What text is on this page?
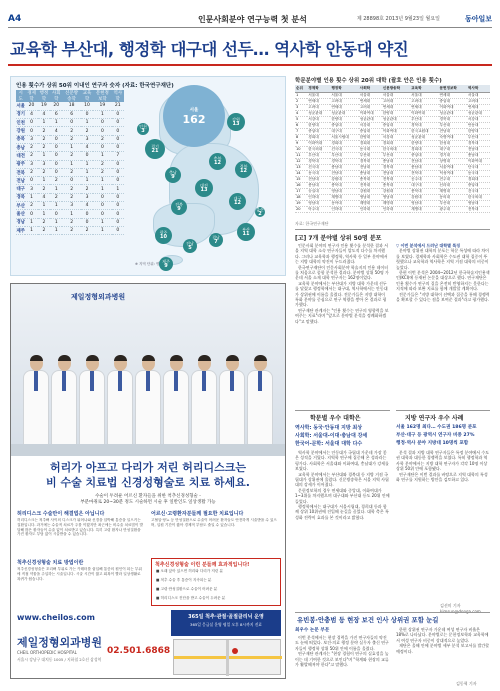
A4	인문사회분야 연구능력 첫 분석	제 28898호 2013년 9월23일 월요일	동아일보
교육학 부산대, 행정학 대구대 선두… 역사학 안동대 약진
인용 횟수가 상위 50위 이내인 연구자 숫자 (자료: 한국연구재단)
시도	경제학	행정학	사회학	신문방송학	교육학	문헌정보학	역사학
서울	20	19	20	18	10	19	21
경기	4	4	6	6	0	1	0
인천	0	1	1	0	1	0	0
강원	0	2	4	2	2	0	0
충북	3	2	0	2	3	2	0
충남	2	2	0	1	4	0	0
대전	2	1	0	2	0	1	7
광주	3	3	0	1	1	2	0
전북	2	2	0	2	1	2	0
전남	0	1	2	0	1	1	0
대구	3	2	1	2	2	1	1
경북	1	4	2	2	3	0	0
부산	2	1	1	3	4	0	0
울산	0	1	0	1	0	0	0
경남	1	2	1	2	0	1	0
제주	1	2	1	2	2	1	0
서울
162
경기
21
강원
13
인천
3
충북
12
충남
9
대전
13
경북
12
대구
12
전북
9	울산
2
광주
10
부산
11
전남
5
경남
7
제주
9
※ 지역 단위: 명
학문분야별 인용 횟수 상위 20위 대학 (괄호 안은 인용 횟수)
순위	경제학	행정학	사회학	신문방송학	교육학	문헌정보학	역사학
1	서울대	서울대	서울대	서울대	서울대	연세대	서울대
2	연세대	고려대	연세대	고려대	고려대	중앙대	고려대
3	고려대	연세대	고려대	연세대	연세대	이화여대	연세대
4	성균관대	성균관대	이화여대	한양대	이화여대	성균관대	성균관대
5	서강대	한양대	성균관대	성균관대	부산대	경북대	서강대
6	한양대	중앙대	서강대	중앙대	경북대	부산대	안동대
7	중앙대	대구대	중앙대	이화여대	한국교원대	전남대	한양대
8	경희대	서울시립대	한양대	서강대	성균관대	숙명여대	부산대
9	이화여대	경희대	경희대	경희대	한양대	한성대	경북대
10	한국외대	건국대	동국대	한국외대	경희대	대구대	전남대
11	부산대	부산대	부산대	부산대	중앙대	경기대	충남대
12	경북대	경북대	경북대	충남대	전남대	상명대	이화여대
13	건국대	충남대	전남대	경북대	충남대	서울여대	단국대
14	동국대	전남대	충남대	전남대	전북대	덕성여대	동국대
15	전남대	강원대	충북대	전북대	공주대	전주대	경희대
16	충남대	충북대	전북대	충북대	대구대	신라대	중앙대
17	숭실대	영남대	강원대	강원대	충북대	계명대	건국대
18	인하대	계명대	영남대	영남대	강원대	동의대	한국외대
19	영남대	동아대	계명대	계명대	영남대	부산대	영남대
20	아주대	인하대	인하대	인하대	계명대	광주대	전북대
자료: 한국연구재단
[고] 7개 분야별 상위 50명 분포

인문사회 분야의 연구자 인용 횟수를 분석한 결과 서울 지역 대학 소속 연구자들이 압도적 다수를 차지했다. 그러나 교육학과 행정학, 역사학 등 일부 분야에서는 지방 대학의 약진이 두드러졌다.

한국연구재단이 인문사회분야 학술지의 인용 데이터를 처음으로 종합 분석한 결과다. 분야별 상위 50명 가운데 서울 소재 대학 연구자는 162명이었다.

교육학 분야에서는 부산대가 지방 대학 가운데 선두를 달렸고 행정학에서는 대구대, 역사학에서는 안동대가 상위권에 이름을 올렸다. 전문가들은 지방 대학이 특화 분야를 중심으로 연구 역량을 쌓아 온 결과로 평가했다.

연구재단 관계자는 "인용 횟수는 연구의 영향력을 보여주는 지표"라며 "앞으로 분야별 분석을 정례화하겠다"고 말했다.

▽ 이번 분석에서 드러난 대학별 특징

분야별 상위권 대학의 분포는 학문 특성에 따라 차이를 보였다. 경제학과 사회학은 수도권 대학 집중이 뚜렷했으나 교육학과 역사학은 지역 거점 대학의 비중이 높았다.

한편 이번 분석은 2004~2012년 한국학술지인용색인(KCI)에 등재된 논문을 대상으로 했다. 연구재단은 인용 횟수가 연구의 질을 온전히 반영하지는 못한다는 지적에 따라 보완 지표를 함께 개발할 계획이다.

전문가들은 "지방 대학이 선택과 집중을 통해 경쟁력을 확보할 수 있다는 점을 보여준 결과"라고 평가했다.

학문별 우수 대학은
역사학: 동국·안동대 지방 최상
사회학: 서울대-이대·충남대 강세
한국어-문학: 서울대 대학 다수

역사학 분야에서는 안동대가 국립대 가운데 가장 좋은 성적을 거뒀다. 지역학 연구에 집중해 온 성과라는 평가다. 사회학은 서울대와 이화여대, 충남대가 강세를 보였다.

교육학 분야에서는 부산대와 경북대 등 지방 거점 국립대가 상위권에 올랐다. 신문방송학은 서울 지역 사립대의 강세가 이어졌다.

문헌정보학의 경우 연세대와 중앙대, 이화여대가 1~3위를 차지했으며 대구대와 부산대 등도 20위 안에 들었다.

행정학에서는 대구대가 서울시립대, 경희대 등과 함께 상위 10위권에 진입해 눈길을 끌었다. 대학 측은 특성화 전략이 효과를 본 것이라고 밝혔다.

지방 연구자 우수 사례
서울 162명 최다… 수도권 186명 분포
부산·대구 등 광역시 연구자 비중 27%
행정·역사 분야 지방대 10명씩 포함

분석 결과 지방 대학 연구자들은 특정 분야에서 수도권 대학과 대등한 경쟁력을 보였다. 특히 행정학과 역사학 분야에서는 지방 대학 연구자가 각각 10명 이상 상위 50위 안에 포함됐다.

연구재단은 이번 결과를 바탕으로 지역 대학의 특성화 연구를 지원하는 방안을 검토하고 있다.

김선미 기자
유빈봉·안충범 등 현장 보건 인사 상위권 포함 눈길
최우수 논문 부문

이번 분석에서는 현장 경력을 가진 연구자들의 약진도 눈에 띄었다. 보건·의료 행정 분야 실무자 출신 연구자들이 행정학 상위 50위 안에 이름을 올렸다.

연구재단 관계자는 "현장 경험이 연구의 실효성을 높이는 데 기여한 것으로 보인다"며 "학계와 현장의 교류가 활발해져야 한다"고 말했다.

한편 상위권 연구자 가운데 여성 연구자 비율은 18%로 나타났다. 분야별로는 문헌정보학과 교육학에서 여성 연구자 비중이 상대적으로 높았다.

재단은 올해 안에 분야별 세부 분석 보고서를 발간할 예정이다.

김동혁 기자
제일정형외과병원
허리가 아프고 다리가 저린 허리디스크는
비 수술 치료법 신경성형술로 치료 하세요.
수술이 두려운 어르신 환자들을 위한 척추신경성형술 -
부분마취로 20~30분 정도 시술하면 시술 후 일반인도 일상생활 가능
허리디스크 수술만이 해결법은 아닙니다
허리디스크는 척추뼈 사이의 디스크가 튀어나와 신경을 압박해 통증을 일으키는 질환입니다. 과거에는 수술적 치료가 주를 이뤘지만 최근에는 비수술 치료법이 발달해 많은 환자들이 수술 없이 치료받고 있습니다. 특히 고령 환자나 만성질환을 가진 환자도 부담 없이 시술받을 수 있습니다.
어르신·고령환자분들께 필요한 치료입니다
고혈압·당뇨 등 만성질환으로 수술이 어려운 환자들도 안전하게 시술받을 수 있으며, 입원 기간이 짧아 경제적 부담도 줄일 수 있습니다.
척추신경성형술 치료 방법이란
척추신경성형술은 꼬리뼈 부위로 가는 카테터를 삽입해 통증의 원인이 되는 부위에 직접 약물을 주입하는 시술입니다. 시술 시간이 짧고 회복이 빨라 일상생활로 복귀가 쉽습니다.
척추신경성형술 이런 분들께 효과적입니다!
■ 오래 앉아 있으면 허리와 다리가 저린 분
■ 척추 수술 후 통증이 지속되는 분
■ 고령·만성질환으로 수술이 어려운 분
■ 허리디스크 진단을 받고 수술이 두려운 분
www.cheilos.com	365일 척추·관절·골절클리닉 운영
365일 응급실 운영 평일 오후 8시까지 진료
제일정형외과병원
CHEIL ORTHOPEDIC HOSPITAL	02.501.6868
서울시 강남구 대치동 1005 / 지하철 2호선 삼성역
